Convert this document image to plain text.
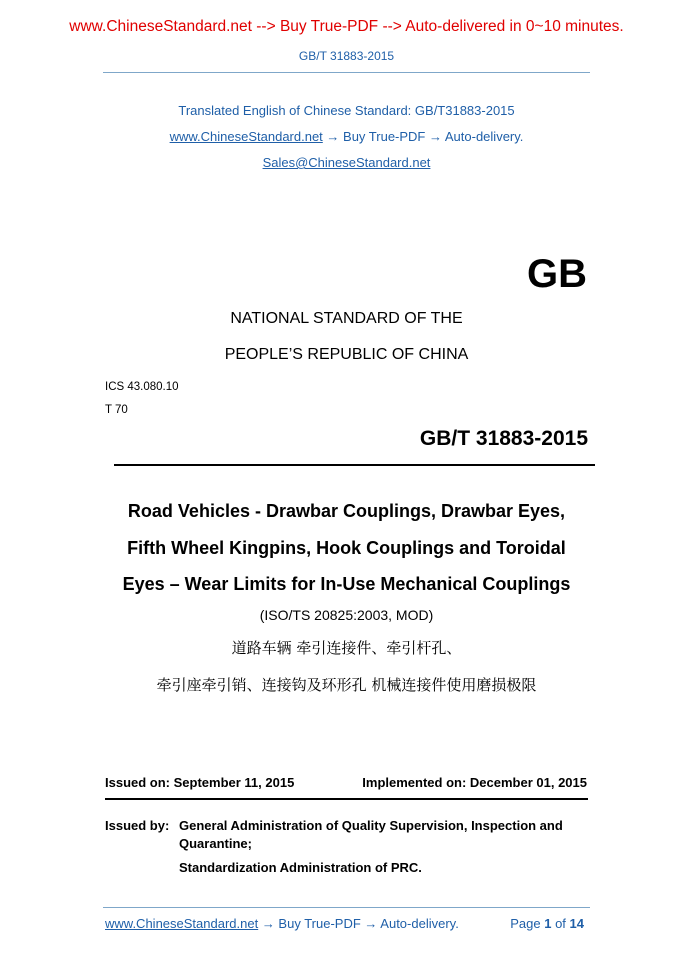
www.ChineseStandard.net --> Buy True-PDF --> Auto-delivered in 0~10 minutes.
GB/T 31883-2015
Translated English of Chinese Standard: GB/T31883-2015
www.ChineseStandard.net → Buy True-PDF → Auto-delivery.
Sales@ChineseStandard.net
GB
NATIONAL STANDARD OF THE
PEOPLE’S REPUBLIC OF CHINA
ICS 43.080.10
T 70
GB/T 31883-2015
Road Vehicles - Drawbar Couplings, Drawbar Eyes,
Fifth Wheel Kingpins, Hook Couplings and Toroidal
Eyes – Wear Limits for In-Use Mechanical Couplings
(ISO/TS 20825:2003, MOD)
道路车辆 牵引连接件、牵引杆孔、
牵引座牵引销、连接钩及环形孔 机械连接件使用磨损极限
Issued on: September 11, 2015	Implemented on: December 01, 2015
Issued by: General Administration of Quality Supervision, Inspection and
Quarantine;
Standardization Administration of PRC.
www.ChineseStandard.net → Buy True-PDF → Auto-delivery.	Page 1 of 14
